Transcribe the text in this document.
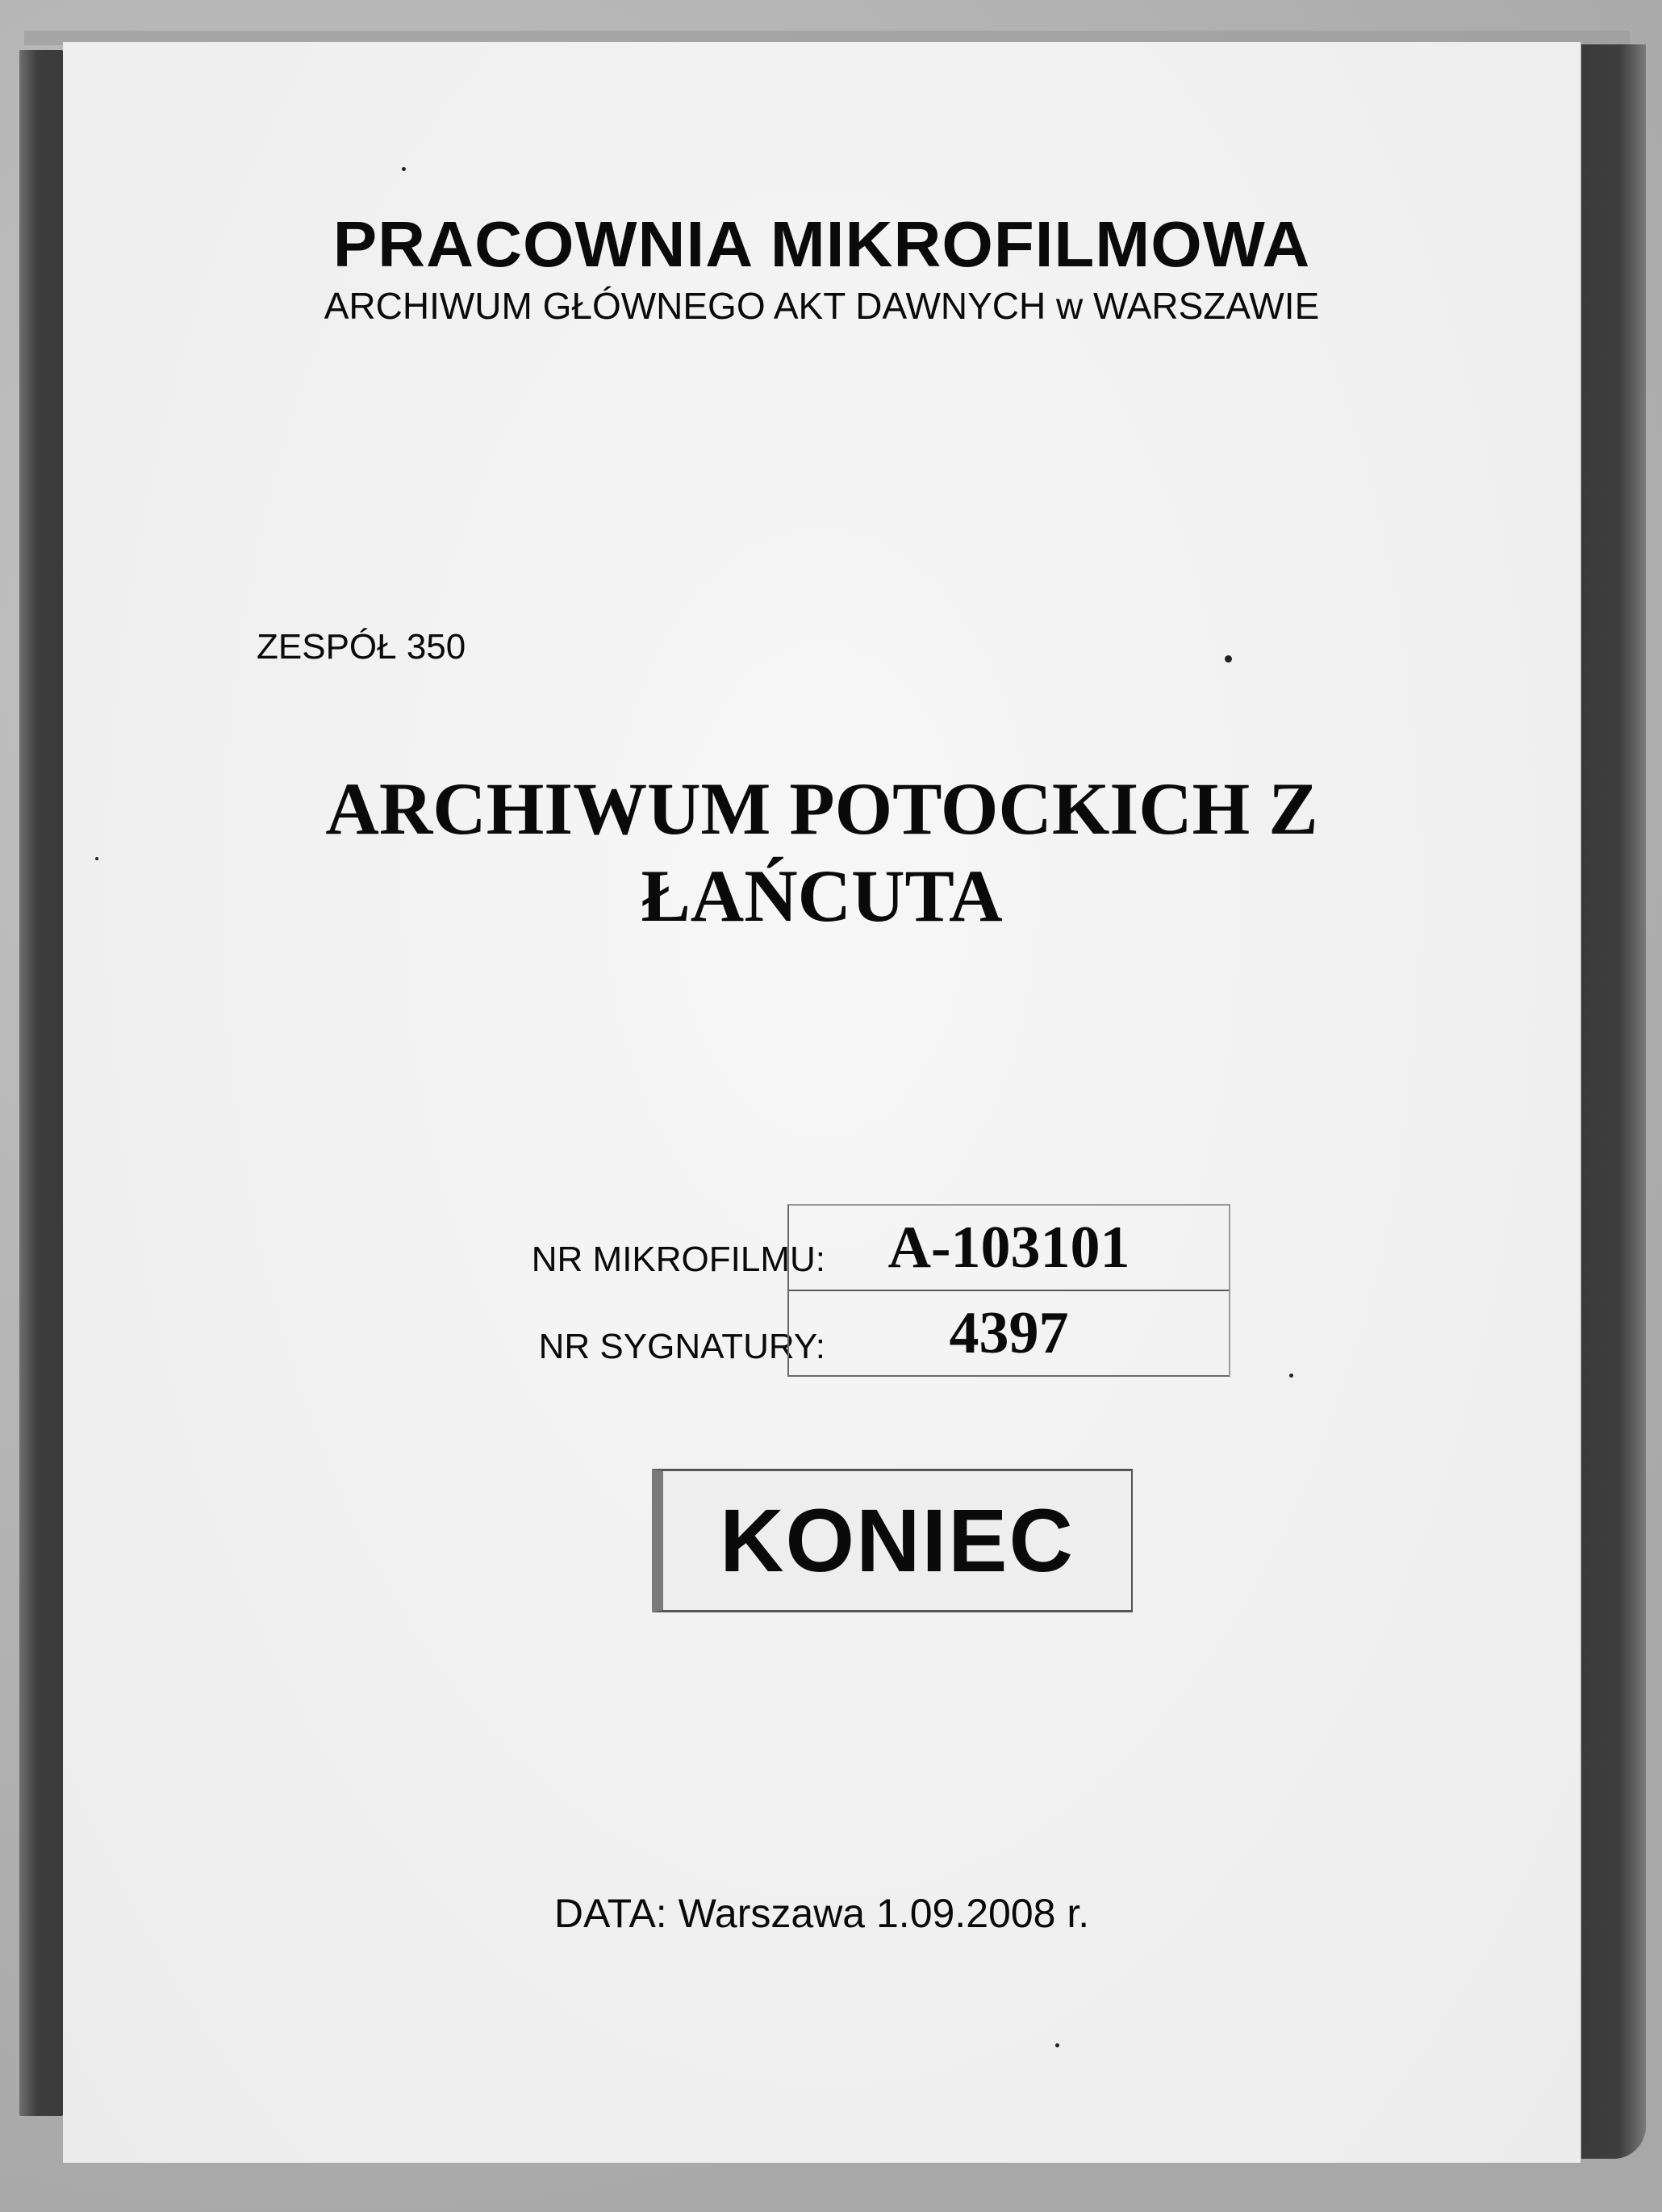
PRACOWNIA MIKROFILMOWA
ARCHIWUM GŁÓWNEGO AKT DAWNYCH w WARSZAWIE
ZESPÓŁ 350
ARCHIWUM POTOCKICH Z
ŁAŃCUTA
NR MIKROFILMU:
NR SYGNATURY:
A-103101
4397
KONIEC
DATA: Warszawa 1.09.2008 r.
